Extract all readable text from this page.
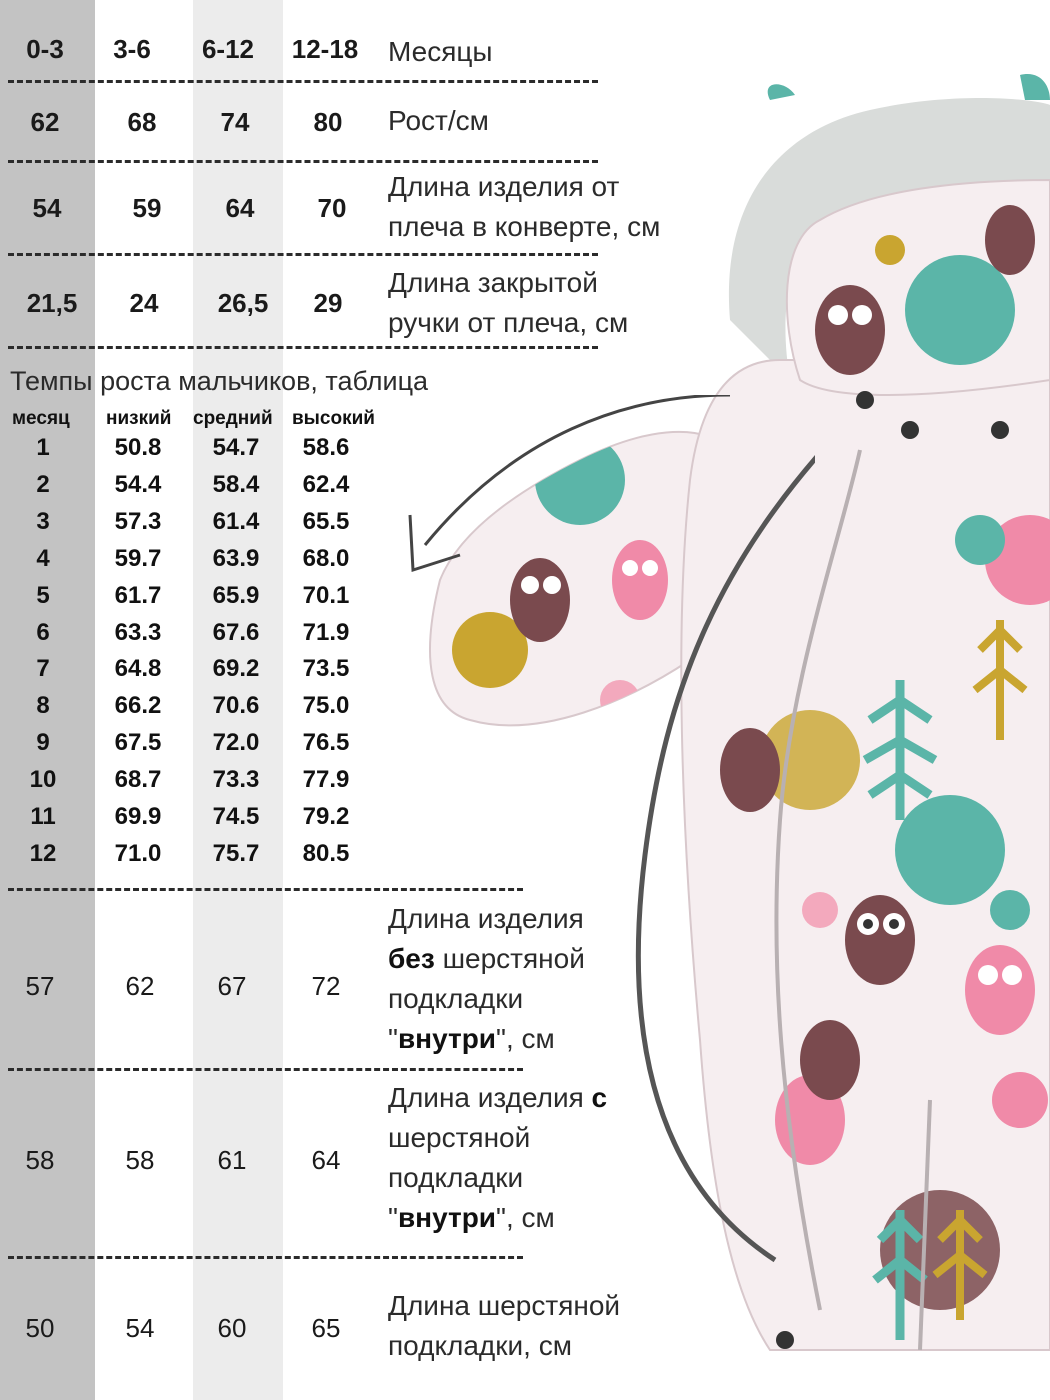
0-3	3-6	6-12	12-18	Месяцы
62	68	74	80	Рост/см
54	59	64	70
Длина изделия от
плеча в конверте, см
21,5	24	26,5	29
Длина закрытой
ручки от плеча, см
Темпы роста мальчиков, таблица
месяц низкий средний высокий
1	50.8	54.7	58.6
2	54.4	58.4	62.4
3	57.3	61.4	65.5
4	59.7	63.9	68.0
5	61.7	65.9	70.1
6	63.3	67.6	71.9
7	64.8	69.2	73.5
8	66.2	70.6	75.0
9	67.5	72.0	76.5
10	68.7	73.3	77.9
11	69.9	74.5	79.2
12	71.0	75.7	80.5
57	62	67	72
Длина изделия
без шерстяной
подкладки
"внутри", см
58	58	61	64
Длина изделия с
шерстяной
подкладки
"внутри", см
50	54	60	65
Длина шерстяной
подкладки, см
